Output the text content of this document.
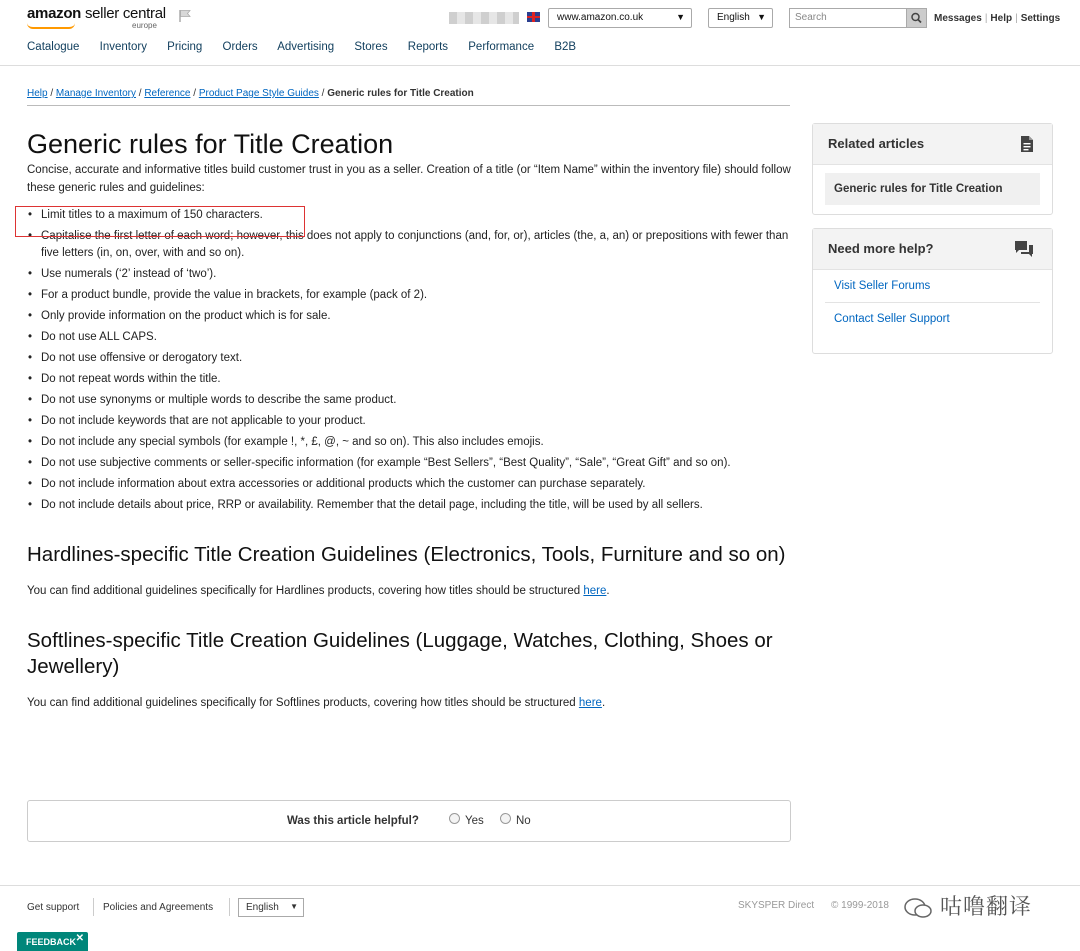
amazon seller central
europe
www.amazon.co.uk	▼	English ▼	Search	Messages | Help | Settings
Catalogue Inventory Pricing Orders Advertising Stores Reports Performance B2B
Help / Manage Inventory / Reference / Product Page Style Guides / Generic rules for Title Creation
Generic rules for Title Creation
Concise, accurate and informative titles build customer trust in you as a seller. Creation of a title (or “Item Name” within the inventory file) should follow these generic rules and guidelines:
• Limit titles to a maximum of 150 characters.
• Capitalise the first letter of each word; however, this does not apply to conjunctions (and, for, or), articles (the, a, an) or prepositions with fewer than five letters (in, on, over, with and so on).
• Use numerals (‘2’ instead of ‘two’).
• For a product bundle, provide the value in brackets, for example (pack of 2).
• Only provide information on the product which is for sale.
• Do not use ALL CAPS.
• Do not use offensive or derogatory text.
• Do not repeat words within the title.
• Do not use synonyms or multiple words to describe the same product.
• Do not include keywords that are not applicable to your product.
• Do not include any special symbols (for example !, *, £, @, ~ and so on). This also includes emojis.
• Do not use subjective comments or seller-specific information (for example “Best Sellers”, “Best Quality”, “Sale”, “Great Gift” and so on).
• Do not include information about extra accessories or additional products which the customer can purchase separately.
• Do not include details about price, RRP or availability. Remember that the detail page, including the title, will be used by all sellers.
Hardlines-specific Title Creation Guidelines (Electronics, Tools, Furniture and so on)
You can find additional guidelines specifically for Hardlines products, covering how titles should be structured here.
Softlines-specific Title Creation Guidelines (Luggage, Watches, Clothing, Shoes or Jewellery)
You can find additional guidelines specifically for Softlines products, covering how titles should be structured here.
Was this article helpful?	Yes	No
Related articles
Generic rules for Title Creation
Need more help?
Visit Seller Forums
Contact Seller Support
Get support Policies and Agreements	English ▼	SKYSPER Direct © 1999-2018 咕噜翻译
FEEDBACK ✕
